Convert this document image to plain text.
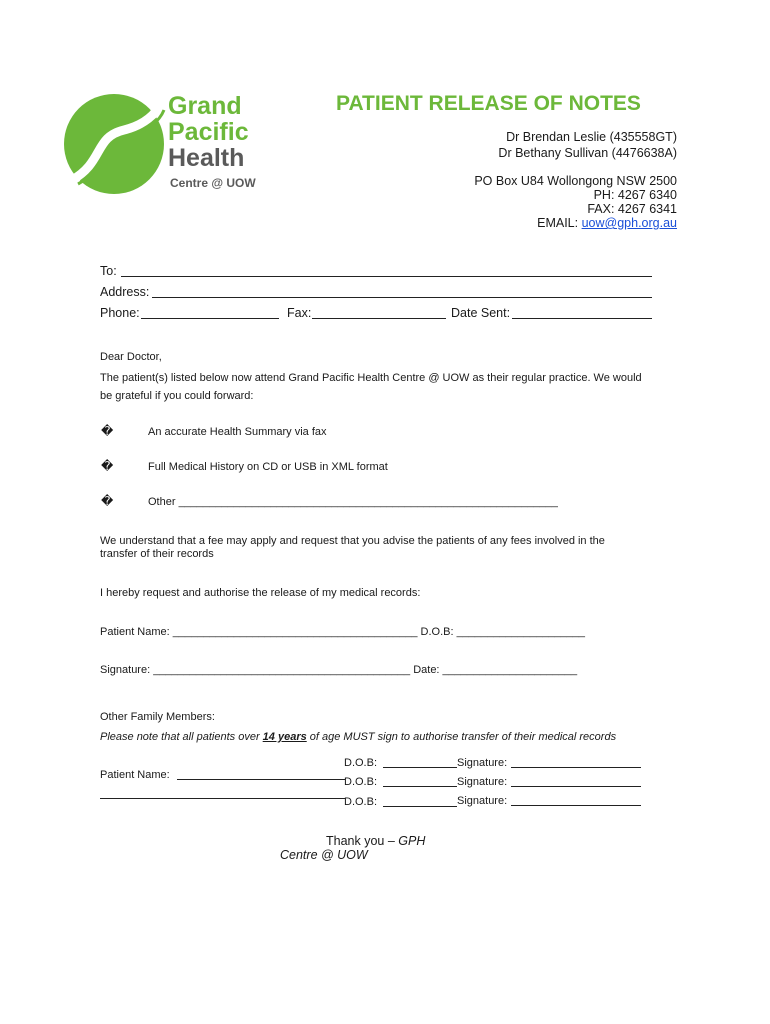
Grand
Pacific
Health
Centre @ UOW
PATIENT RELEASE OF NOTES
Dr Brendan Leslie (435558GT)
Dr Bethany Sullivan (4476638A)
PO Box U84 Wollongong NSW 2500
PH: 4267 6340
FAX: 4267 6341
EMAIL: uow@gph.org.au
To:
Address:
Phone:	Fax:	Date Sent:
Dear Doctor,
The patient(s) listed below now attend Grand Pacific Health Centre @ UOW as their regular practice. We would
be grateful if you could forward:
�	An accurate Health Summary via fax
�	Full Medical History on CD or USB in XML format
�	Other ______________________________________________________________
We understand that a fee may apply and request that you advise the patients of any fees involved in the
transfer of their records
I hereby request and authorise the release of my medical records:
Patient Name: ________________________________________ D.O.B: _____________________
Signature: __________________________________________ Date: ______________________
Other Family Members:
Please note that all patients over 14 years of age MUST sign to authorise transfer of their medical records
Patient Name:
D.O.B:	Signature:
D.O.B:	Signature:
D.O.B:	Signature:
Thank you – GPH
Centre @ UOW
